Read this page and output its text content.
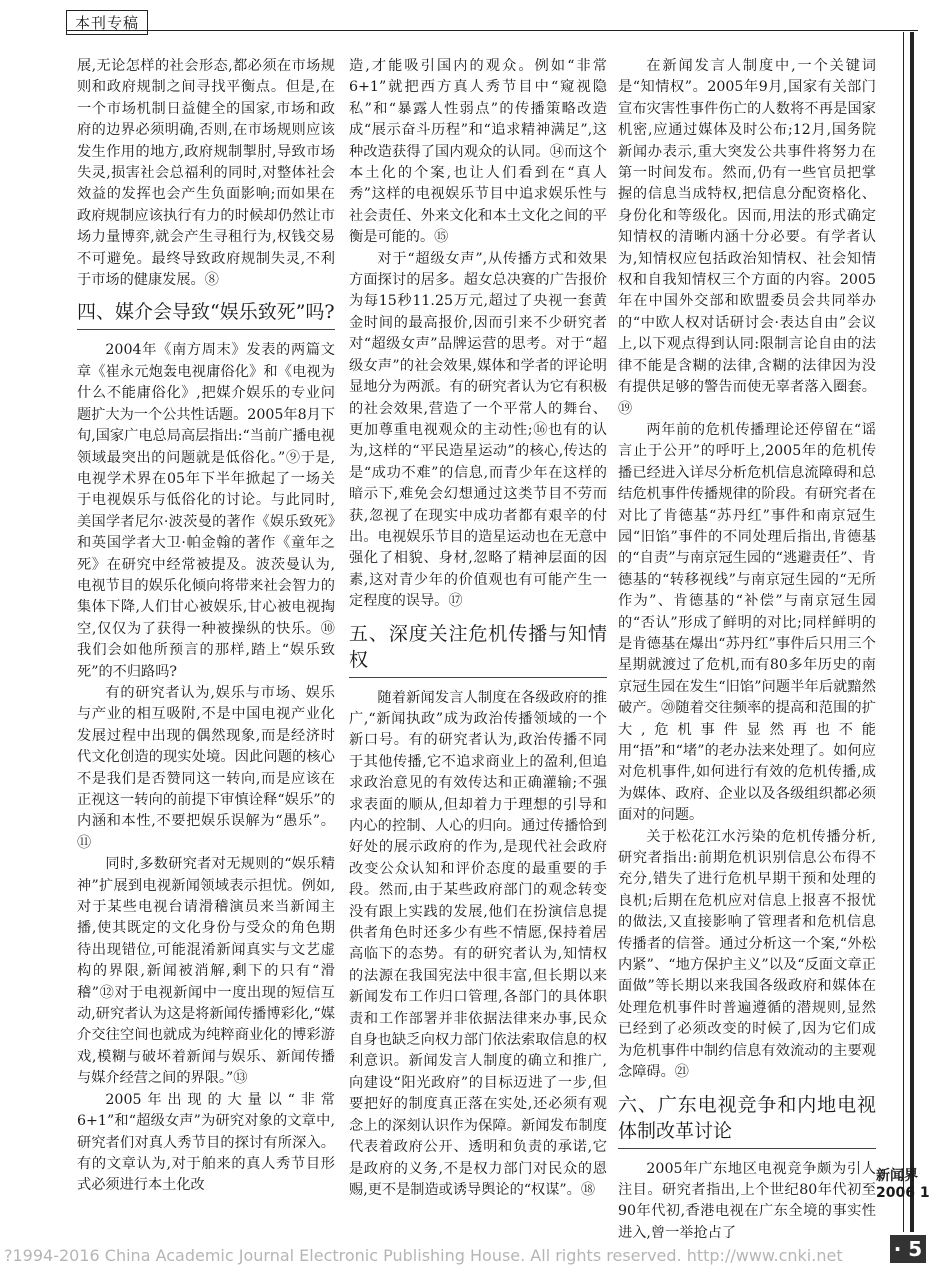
本刊专稿

展,无论怎样的社会形态,都必须在市场规则和政府规制之间寻找平衡点。但是,在一个市场机制日益健全的国家,市场和政府的边界必须明确,否则,在市场规则应该发生作用的地方,政府规制掣肘,导致市场失灵,损害社会总福利的同时,对整体社会效益的发挥也会产生负面影响;而如果在政府规制应该执行有力的时候却仍然让市场力量博弈,就会产生寻租行为,权钱交易不可避免。最终导致政府规制失灵,不利于市场的健康发展。⑧

四、媒介会导致“娱乐致死”吗?

2004年《南方周末》发表的两篇文章《崔永元炮轰电视庸俗化》和《电视为什么不能庸俗化》,把媒介娱乐的专业问题扩大为一个公共性话题。2005年8月下旬,国家广电总局高层指出:“当前广播电视领域最突出的问题就是低俗化。”⑨于是,电视学术界在05年下半年掀起了一场关于电视娱乐与低俗化的讨论。与此同时,美国学者尼尔·波茨曼的著作《娱乐致死》和英国学者大卫·帕金翰的著作《童年之死》在研究中经常被提及。波茨曼认为,电视节目的娱乐化倾向将带来社会智力的集体下降,人们甘心被娱乐,甘心被电视掏空,仅仅为了获得一种被操纵的快乐。⑩我们会如他所预言的那样,踏上“娱乐致死”的不归路吗?

有的研究者认为,娱乐与市场、娱乐与产业的相互吸附,不是中国电视产业化发展过程中出现的偶然现象,而是经济时代文化创造的现实处境。因此问题的核心不是我们是否赞同这一转向,而是应该在正视这一转向的前提下审慎诠释“娱乐”的内涵和本性,不要把娱乐误解为“愚乐”。⑪

同时,多数研究者对无规则的“娱乐精神”扩展到电视新闻领域表示担忧。例如,对于某些电视台请滑稽演员来当新闻主播,使其既定的文化身份与受众的角色期待出现错位,可能混淆新闻真实与文艺虚构的界限,新闻被消解,剩下的只有“滑稽”⑫对于电视新闻中一度出现的短信互动,研究者认为这是将新闻传播博彩化,“媒介交往空间也就成为纯粹商业化的博彩游戏,模糊与破坏着新闻与娱乐、新闻传播与媒介经营之间的界限。”⑬

2005年出现的大量以“非常6+1”和“超级女声”为研究对象的文章中,研究者们对真人秀节目的探讨有所深入。有的文章认为,对于舶来的真人秀节目形式必须进行本土化改

造,才能吸引国内的观众。例如“非常6+1”就把西方真人秀节目中“窥视隐私”和“暴露人性弱点”的传播策略改造成“展示奋斗历程”和“追求精神满足”,这种改造获得了国内观众的认同。⑭而这个本土化的个案,也让人们看到在“真人秀”这样的电视娱乐节目中追求娱乐性与社会责任、外来文化和本土文化之间的平衡是可能的。⑮

对于“超级女声”,从传播方式和效果方面探讨的居多。超女总决赛的广告报价为每15秒11.25万元,超过了央视一套黄金时间的最高报价,因而引来不少研究者对“超级女声”品牌运营的思考。对于“超级女声”的社会效果,媒体和学者的评论明显地分为两派。有的研究者认为它有积极的社会效果,营造了一个平常人的舞台、更加尊重电视观众的主动性;⑯也有的认为,这样的“平民造星运动”的核心,传达的是“成功不难”的信息,而青少年在这样的暗示下,难免会幻想通过这类节目不劳而获,忽视了在现实中成功者都有艰辛的付出。电视娱乐节目的造星运动也在无意中强化了相貌、身材,忽略了精神层面的因素,这对青少年的价值观也有可能产生一定程度的误导。⑰

五、深度关注危机传播与知情权

随着新闻发言人制度在各级政府的推广,“新闻执政”成为政治传播领域的一个新口号。有的研究者认为,政治传播不同于其他传播,它不追求商业上的盈利,但追求政治意见的有效传达和正确灌输;不强求表面的顺从,但却着力于理想的引导和内心的控制、人心的归向。通过传播恰到好处的展示政府的作为,是现代社会政府改变公众认知和评价态度的最重要的手段。然而,由于某些政府部门的观念转变没有跟上实践的发展,他们在扮演信息提供者角色时还多少有些不情愿,保持着居高临下的态势。有的研究者认为,知情权的法源在我国宪法中很丰富,但长期以来新闻发布工作归口管理,各部门的具体职责和工作部署并非依据法律来办事,民众自身也缺乏向权力部门依法索取信息的权利意识。新闻发言人制度的确立和推广,向建设“阳光政府”的目标迈进了一步,但要把好的制度真正落在实处,还必须有观念上的深刻认识作为保障。新闻发布制度代表着政府公开、透明和负责的承诺,它是政府的义务,不是权力部门对民众的恩赐,更不是制造或诱导舆论的“权谋”。⑱

在新闻发言人制度中,一个关键词是“知情权”。2005年9月,国家有关部门宣布灾害性事件伤亡的人数将不再是国家机密,应通过媒体及时公布;12月,国务院新闻办表示,重大突发公共事件将努力在第一时间发布。然而,仍有一些官员把掌握的信息当成特权,把信息分配资格化、身份化和等级化。因而,用法的形式确定知情权的清晰内涵十分必要。有学者认为,知情权应包括政治知情权、社会知情权和自我知情权三个方面的内容。2005年在中国外交部和欧盟委员会共同举办的“中欧人权对话研讨会·表达自由”会议上,以下观点得到认同:限制言论自由的法律不能是含糊的法律,含糊的法律因为没有提供足够的警告而使无辜者落入圈套。⑲

两年前的危机传播理论还停留在“谣言止于公开”的呼吁上,2005年的危机传播已经进入详尽分析危机信息流障碍和总结危机事件传播规律的阶段。有研究者在对比了肯德基“苏丹红”事件和南京冠生园“旧馅”事件的不同处理后指出,肯德基的“自责”与南京冠生园的“逃避责任”、肯德基的“转移视线”与南京冠生园的“无所作为”、肯德基的“补偿”与南京冠生园的“否认”形成了鲜明的对比;同样鲜明的是肯德基在爆出“苏丹红”事件后只用三个星期就渡过了危机,而有80多年历史的南京冠生园在发生“旧馅”问题半年后就黯然破产。⑳随着交往频率的提高和范围的扩大,危机事件显然再也不能用“捂”和“堵”的老办法来处理了。如何应对危机事件,如何进行有效的危机传播,成为媒体、政府、企业以及各级组织都必须面对的问题。

关于松花江水污染的危机传播分析,研究者指出:前期危机识别信息公布得不充分,错失了进行危机早期干预和处理的良机;后期在危机应对信息上报喜不报忧的做法,又直接影响了管理者和危机信息传播者的信誉。通过分析这一个案,“外松内紧”、“地方保护主义”以及“反面文章正面做”等长期以来我国各级政府和媒体在处理危机事件时普遍遵循的潜规则,显然已经到了必须改变的时候了,因为它们成为危机事件中制约信息有效流动的主要观念障碍。㉑

六、广东电视竞争和内地电视体制改革讨论

2005年广东地区电视竞争颇为引人注目。研究者指出,上个世纪80年代初至90年代初,香港电视在广东全境的事实性进入,曾一举抢占了

新闻界
2006 1
· 5
?1994-2016 China Academic Journal Electronic Publishing House. All rights reserved. http://www.cnki.net
